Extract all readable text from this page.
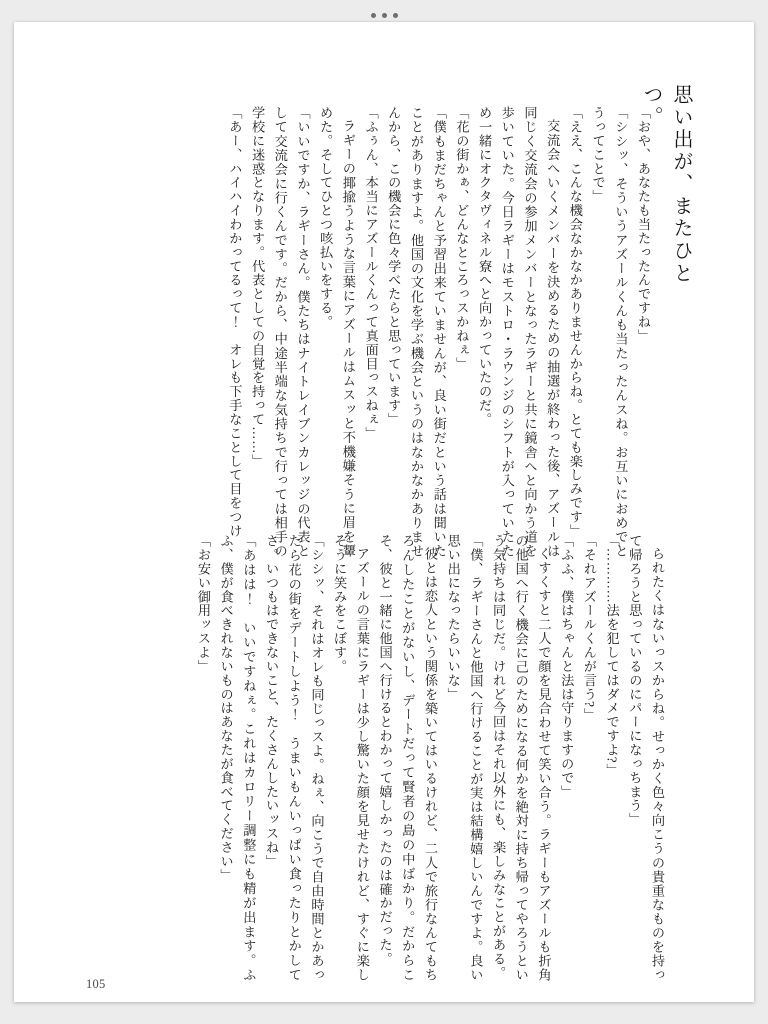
思い出が、またひとつ。

「おや、あなたも当たったんですね」

「シシッ、そういうアズールくんも当たったんスね。お互いにおめでとうってことで」

「ええ、こんな機会なかなかありませんからね。とても楽しみです」

交流会へいくメンバーを決めるための抽選が終わった後、アズールは同じく交流会の参加メンバーとなったラギーと共に鏡舎へと向かう道を歩いていた。今日ラギーはモストロ・ラウンジのシフトが入っていたため一緒にオクタヴィネル寮へと向かっていたのだ。

「花の街かぁ、どんなところっスかねぇ」

「僕もまだちゃんと予習出来ていませんが、良い街だという話は聞いたことがありますよ。他国の文化を学ぶ機会というのはなかなかありませんから、この機会に色々学べたらと思っています」

「ふぅん、本当にアズールくんって真面目っスねぇ」

ラギーの揶揄うような言葉にアズールはムスッと不機嫌そうに眉を顰めた。そしてひとつ咳払いをする。

「いいですか、ラギーさん。僕たちはナイトレイブンカレッジの代表として交流会に行くんです。だから、中途半端な気持ちで行っては相手の学校に迷惑となります。代表としての自覚を持って……」

「あー、ハイハイわかってるって！　オレも下手なことして目をつけ

られたくはないっスからね。せっかく色々向こうの貴重なものを持って帰ろうと思っているのにパーになっちまう」

「…………法を犯してはダメですよ?」

「それアズールくんが言う?」

「ふふ、僕はちゃんと法は守りますので」

くすくすと二人で顔を見合わせて笑い合う。ラギーもアズールも折角の他国へ行く機会に己のためになる何かを絶対に持ち帰ってやろうという気持ちは同じだ。けれど今回はそれ以外にも、楽しみなことがある。

「僕、ラギーさんと他国へ行けることが実は結構嬉しいんですよ。良い思い出になったらいいな」

彼とは恋人という関係を築いてはいるけれど、二人で旅行なんてもちろんしたことがないし、デートだって賢者の島の中ばかり。だからこそ、彼と一緒に他国へ行けるとわかって嬉しかったのは確かだった。

アズールの言葉にラギーは少し驚いた顔を見せたけれど、すぐに楽しそうに笑みをこぼす。

「シシッ、それはオレも同じっスよ。ねぇ、向こうで自由時間とかあったら花の街をデートしよう！　うまいもんいっぱい食ったりとかしてさ。いつもはできないこと、たくさんしたいッスね」

「あはは！　いいですねぇ。これはカロリー調整にも精が出ます。ふふ、僕が食べきれないものはあなたが食べてください」

「お安い御用ッスよ」

105
